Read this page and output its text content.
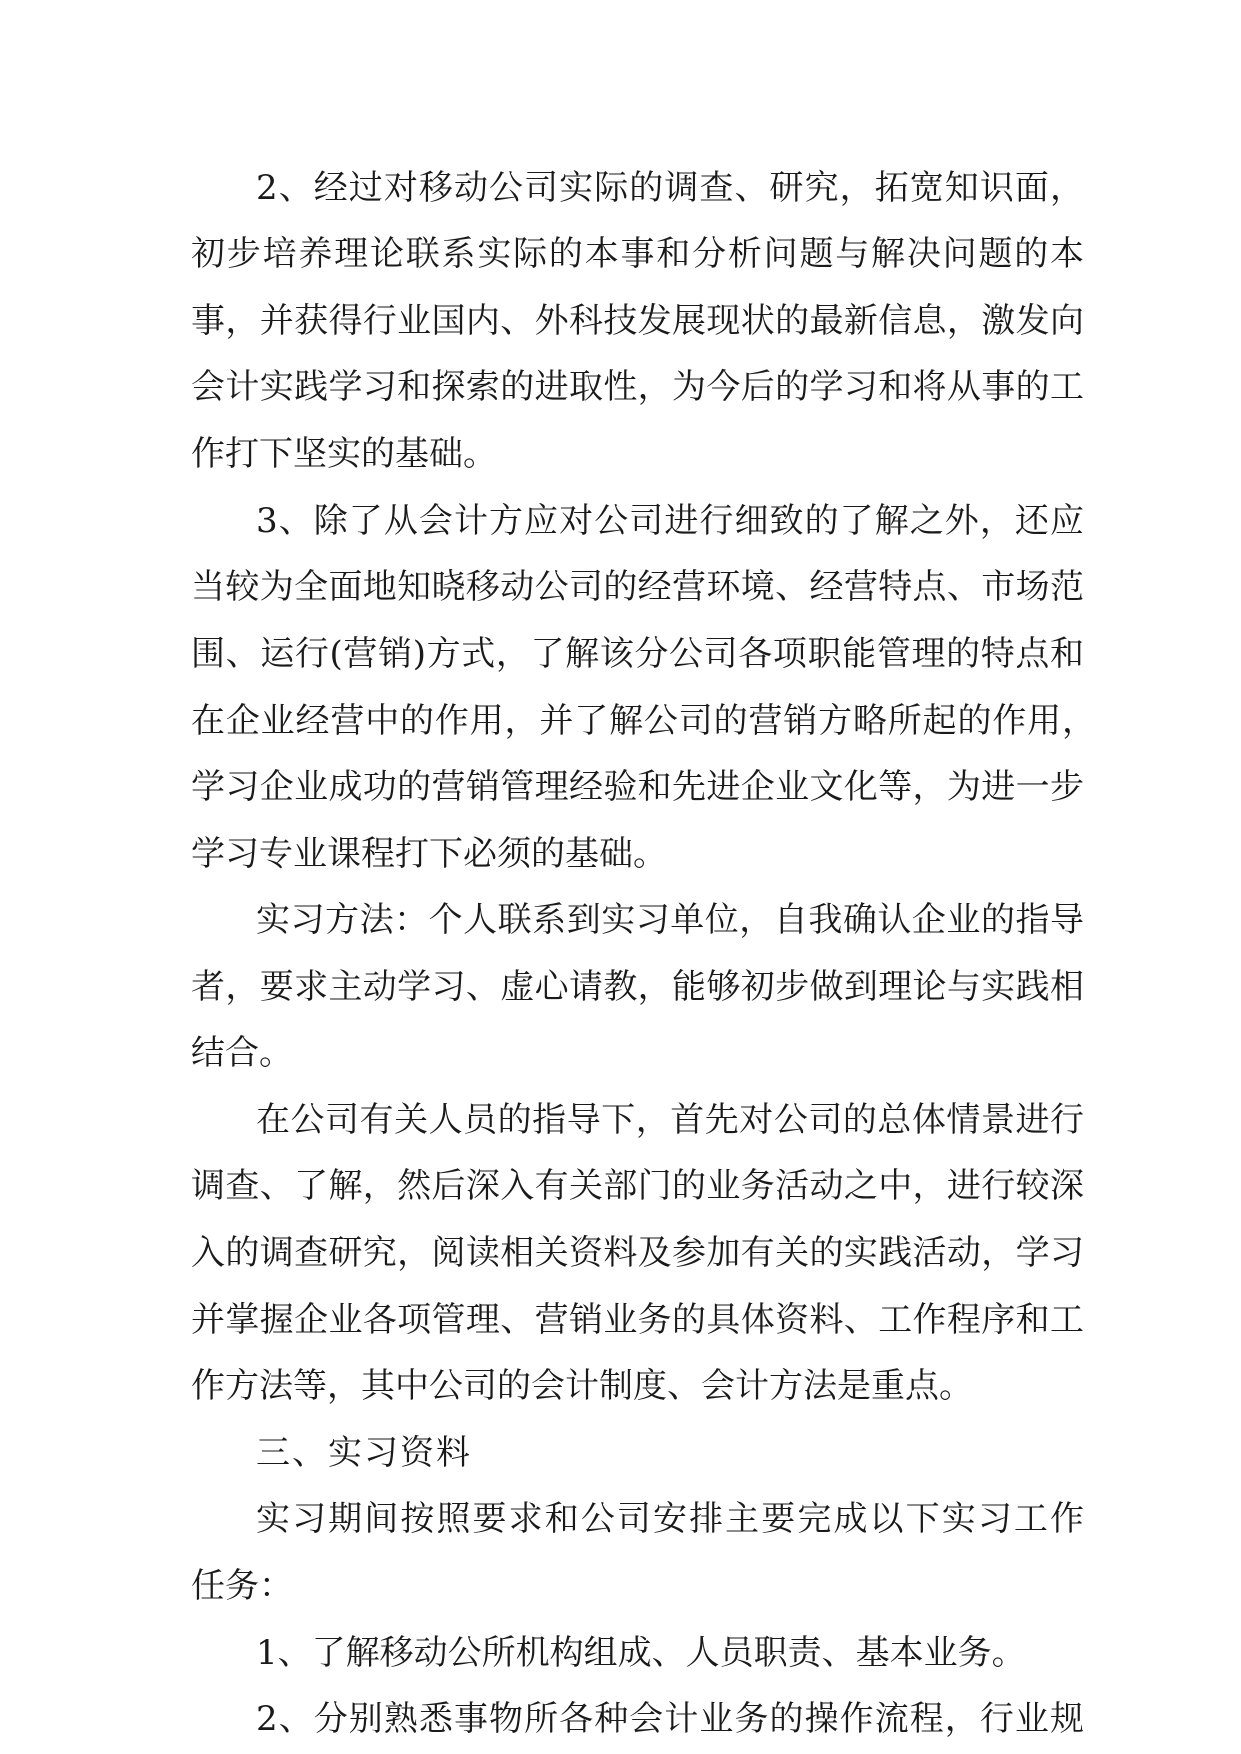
2、经过对移动公司实际的调查、研究，拓宽知识面，
初步培养理论联系实际的本事和分析问题与解决问题的本
事，并获得行业国内、外科技发展现状的最新信息，激发向
会计实践学习和探索的进取性，为今后的学习和将从事的工
作打下坚实的基础。
3、除了从会计方应对公司进行细致的了解之外，还应
当较为全面地知晓移动公司的经营环境、经营特点、市场范
围、运行(营销)方式，了解该分公司各项职能管理的特点和
在企业经营中的作用，并了解公司的营销方略所起的作用，
学习企业成功的营销管理经验和先进企业文化等，为进一步
学习专业课程打下必须的基础。
实习方法：个人联系到实习单位，自我确认企业的指导
者，要求主动学习、虚心请教，能够初步做到理论与实践相
结合。
在公司有关人员的指导下，首先对公司的总体情景进行
调查、了解，然后深入有关部门的业务活动之中，进行较深
入的调查研究，阅读相关资料及参加有关的实践活动，学习
并掌握企业各项管理、营销业务的具体资料、工作程序和工
作方法等，其中公司的会计制度、会计方法是重点。
三、实习资料
实习期间按照要求和公司安排主要完成以下实习工作
任务：
1、了解移动公所机构组成、人员职责、基本业务。
2、分别熟悉事物所各种会计业务的操作流程，行业规
